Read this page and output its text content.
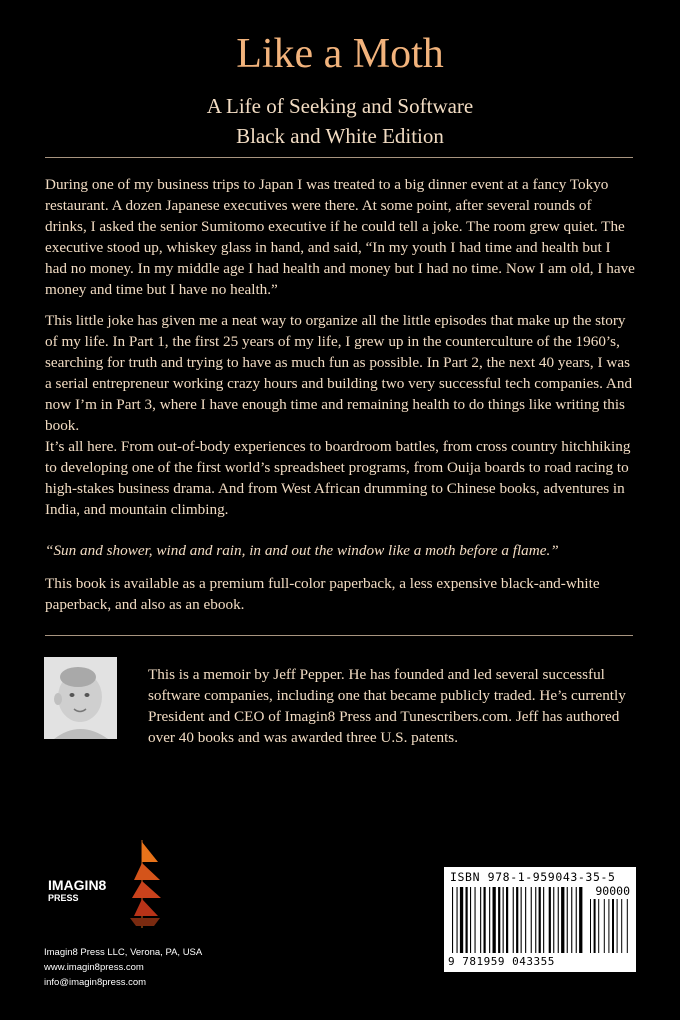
Like a Moth
A Life of Seeking and Software
Black and White Edition

During one of my business trips to Japan I was treated to a big dinner event at a fancy Tokyo restaurant. A dozen Japanese executives were there. At some point, after several rounds of drinks, I asked the senior Sumitomo executive if he could tell a joke. The room grew quiet. The executive stood up, whiskey glass in hand, and said, “In my youth I had time and health but I had no money. In my middle age I had health and money but I had no time. Now I am old, I have money and time but I have no health.”

This little joke has given me a neat way to organize all the little episodes that make up the story of my life. In Part 1, the first 25 years of my life, I grew up in the counterculture of the 1960’s, searching for truth and trying to have as much fun as possible. In Part 2, the next 40 years, I was a serial entrepreneur working crazy hours and building two very successful tech companies. And now I’m in Part 3, where I have enough time and remaining health to do things like writing this book.

It’s all here. From out-of-body experiences to boardroom battles, from cross country hitchhiking to developing one of the first world’s spreadsheet programs, from Ouija boards to road racing to high-stakes business drama. And from West African drumming to Chinese books, adventures in India, and mountain climbing.

“Sun and shower, wind and rain, in and out the window like a moth before a flame.”

This book is available as a premium full-color paperback, a less expensive black-and-white paperback, and also as an ebook.

This is a memoir by Jeff Pepper. He has founded and led several successful software companies, including one that became publicly traded. He’s currently President and CEO of Imagin8 Press and Tunescribers.com. Jeff has authored over 40 books and was awarded three U.S. patents.

IMAGIN8
PRESS
Imagin8 Press LLC, Verona, PA, USA
www.imagin8press.com
info@imagin8press.com
ISBN 978-1-959043-35-5
90000
9 781959 043355
